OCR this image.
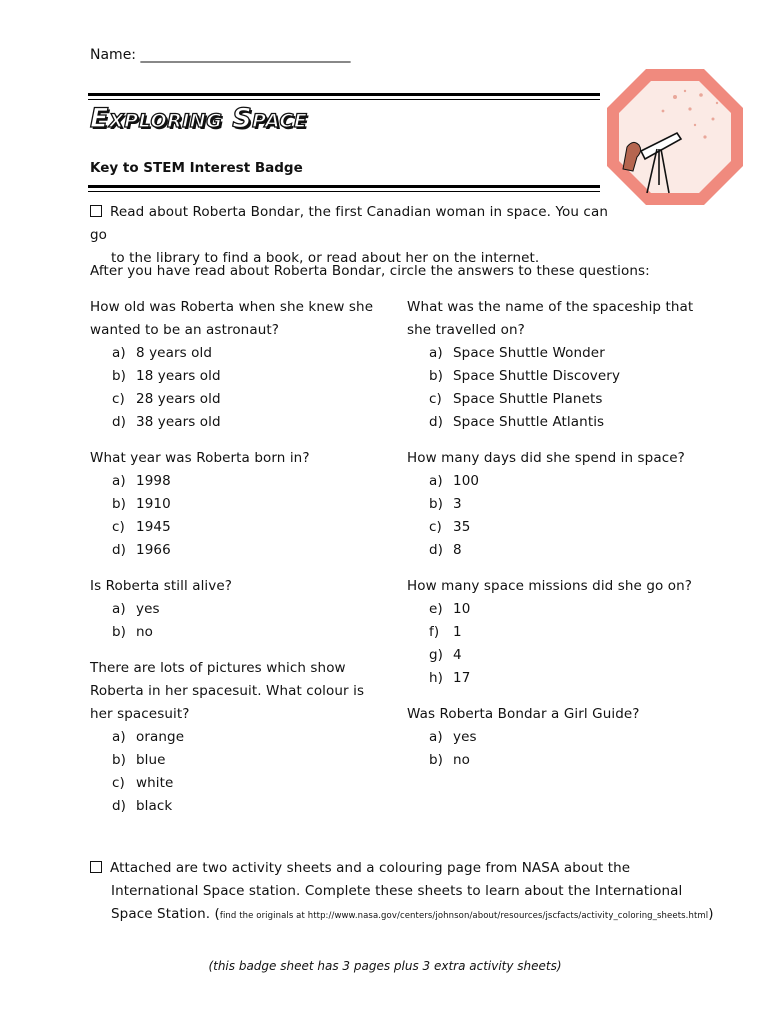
Name: ______________________________
Exploring Space
Key to STEM Interest Badge
Read about Roberta Bondar, the first Canadian woman in space. You can go
to the library to find a book, or read about her on the internet.
After you have read about Roberta Bondar, circle the answers to these questions:
How old was Roberta when she knew she
wanted to be an astronaut?
a) 8 years old
b) 18 years old
c) 28 years old
d) 38 years old
What year was Roberta born in?
a) 1998
b) 1910
c) 1945
d) 1966
Is Roberta still alive?
a) yes
b) no
There are lots of pictures which show
Roberta in her spacesuit. What colour is
her spacesuit?
a) orange
b) blue
c) white
d) black
What was the name of the spaceship that
she travelled on?
a) Space Shuttle Wonder
b) Space Shuttle Discovery
c) Space Shuttle Planets
d) Space Shuttle Atlantis
How many days did she spend in space?
a) 100
b) 3
c) 35
d) 8
How many space missions did she go on?
e) 10
f) 1
g) 4
h) 17
Was Roberta Bondar a Girl Guide?
a) yes
b) no
Attached are two activity sheets and a colouring page from NASA about the
International Space station. Complete these sheets to learn about the International
Space Station. (find the originals at http://www.nasa.gov/centers/johnson/about/resources/jscfacts/activity_coloring_sheets.html)
(this badge sheet has 3 pages plus 3 extra activity sheets)
